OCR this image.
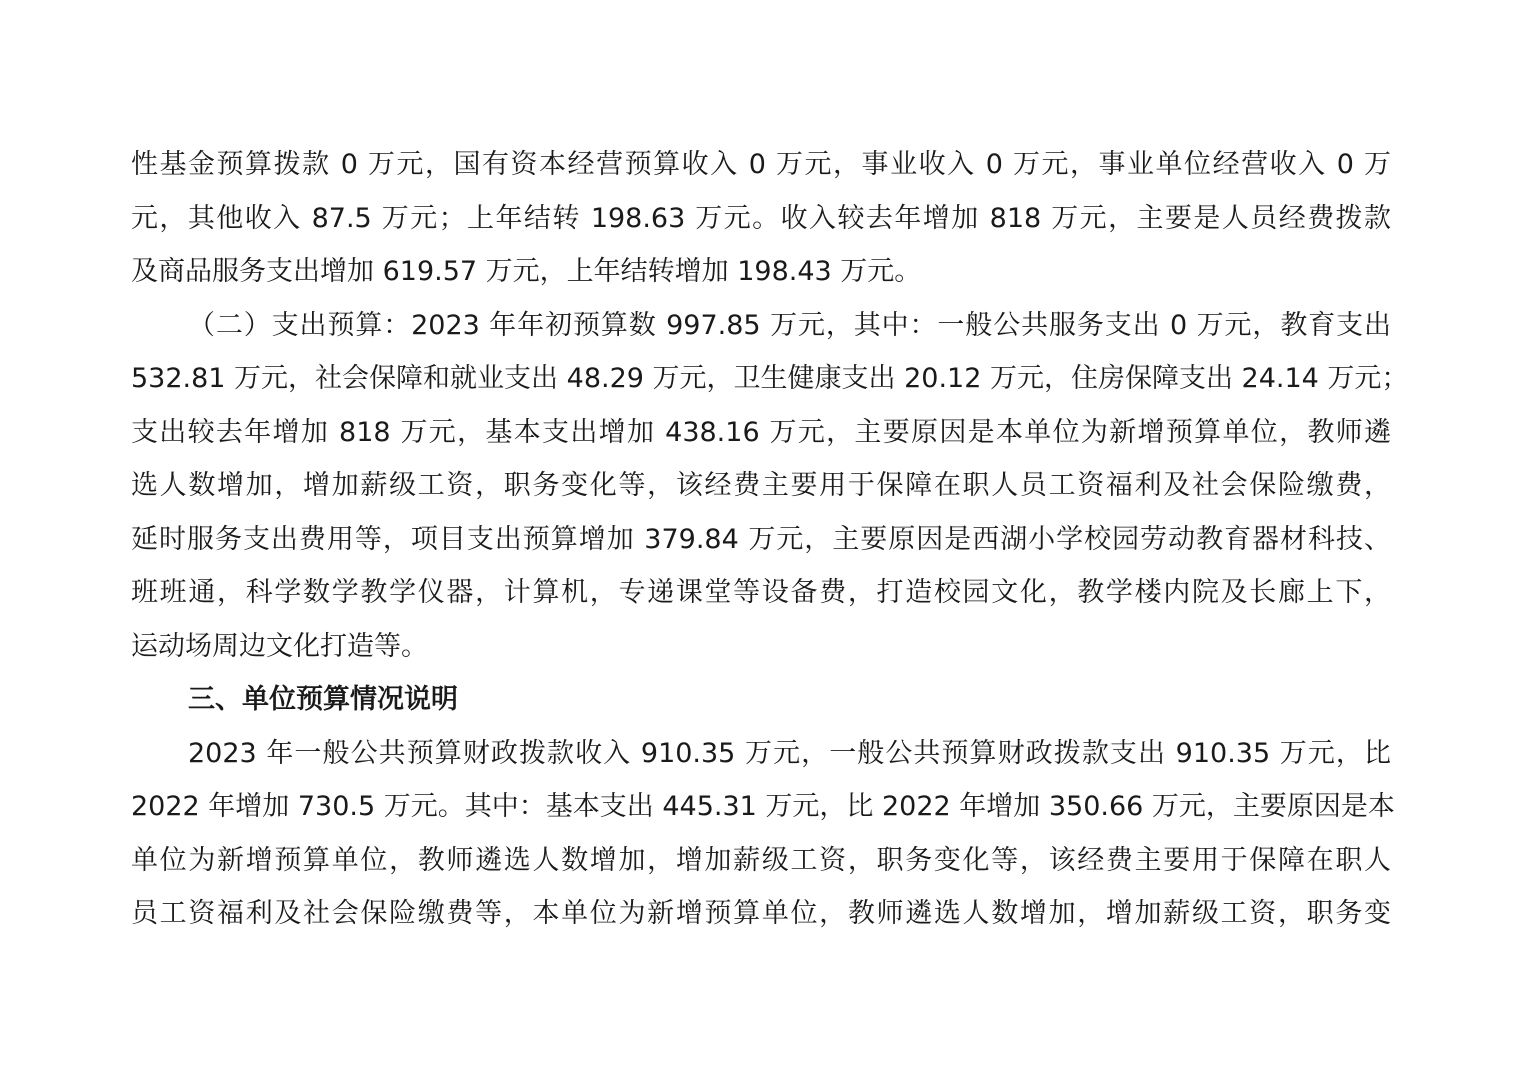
性基金预算拨款 0 万元，国有资本经营预算收入 0 万元，事业收入 0 万元，事业单位经营收入 0 万
元，其他收入 87.5 万元；上年结转 198.63 万元。收入较去年增加 818 万元，主要是人员经费拨款
及商品服务支出增加 619.57 万元，上年结转增加 198.43 万元。
（二）支出预算：2023 年年初预算数 997.85 万元，其中：一般公共服务支出 0 万元，教育支出
532.81 万元，社会保障和就业支出 48.29 万元，卫生健康支出 20.12 万元，住房保障支出 24.14 万元；
支出较去年增加 818 万元，基本支出增加 438.16 万元，主要原因是本单位为新增预算单位，教师遴
选人数增加，增加薪级工资，职务变化等，该经费主要用于保障在职人员工资福利及社会保险缴费，
延时服务支出费用等，项目支出预算增加 379.84 万元，主要原因是西湖小学校园劳动教育器材科技、
班班通，科学数学教学仪器，计算机，专递课堂等设备费，打造校园文化，教学楼内院及长廊上下，
运动场周边文化打造等。
三、单位预算情况说明
2023 年一般公共预算财政拨款收入 910.35 万元，一般公共预算财政拨款支出 910.35 万元，比
2022 年增加 730.5 万元。其中：基本支出 445.31 万元，比 2022 年增加 350.66 万元，主要原因是本
单位为新增预算单位，教师遴选人数增加，增加薪级工资，职务变化等，该经费主要用于保障在职人
员工资福利及社会保险缴费等，本单位为新增预算单位，教师遴选人数增加，增加薪级工资，职务变
